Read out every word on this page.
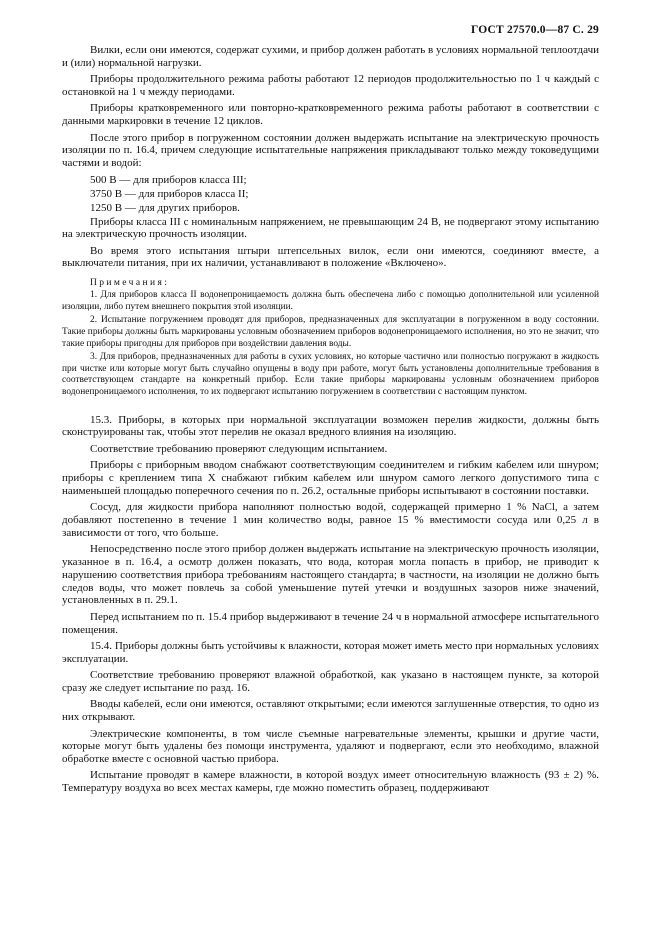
ГОСТ 27570.0—87 С. 29

Вилки, если они имеются, содержат сухими, и прибор должен работать в условиях нормальной теплоотдачи и (или) нормальной нагрузки.

Приборы продолжительного режима работы работают 12 периодов продолжительностью по 1 ч каждый с остановкой на 1 ч между периодами.

Приборы кратковременного или повторно-кратковременного режима работы работают в соответствии с данными маркировки в течение 12 циклов.

После этого прибор в погруженном состоянии должен выдержать испытание на электрическую прочность изоляции по п. 16.4, причем следующие испытательные напряжения прикладывают только между токоведущими частями и водой:

500 В — для приборов класса III;

3750 В — для приборов класса II;

1250 В — для других приборов.

Приборы класса III с номинальным напряжением, не превышающим 24 В, не подвергают этому испытанию на электрическую прочность изоляции.

Во время этого испытания штыри штепсельных вилок, если они имеются, соединяют вместе, а выключатели питания, при их наличии, устанавливают в положение «Включено».

Примечания:

1. Для приборов класса II водонепроницаемость должна быть обеспечена либо с помощью дополнительной или усиленной изоляции, либо путем внешнего покрытия этой изоляции.

2. Испытание погружением проводят для приборов, предназначенных для эксплуатации в погруженном в воду состоянии. Такие приборы должны быть маркированы условным обозначением приборов водонепроницаемого исполнения, но это не значит, что такие приборы пригодны для приборов при воздействии давления воды.

3. Для приборов, предназначенных для работы в сухих условиях, но которые частично или полностью погружают в жидкость при чистке или которые могут быть случайно опущены в воду при работе, могут быть установлены дополнительные требования в соответствующем стандарте на конкретный прибор. Если такие приборы маркированы условным обозначением приборов водонепроницаемого исполнения, то их подвергают испытанию погружением в соответствии с настоящим пунктом.

15.3. Приборы, в которых при нормальной эксплуатации возможен перелив жидкости, должны быть сконструированы так, чтобы этот перелив не оказал вредного влияния на изоляцию.

Соответствие требованию проверяют следующим испытанием.

Приборы с приборным вводом снабжают соответствующим соединителем и гибким кабелем или шнуром; приборы с креплением типа Х снабжают гибким кабелем или шнуром самого легкого допустимого типа с наименьшей площадью поперечного сечения по п. 26.2, остальные приборы испытывают в состоянии поставки.

Сосуд, для жидкости прибора наполняют полностью водой, содержащей примерно 1 % NaCl, а затем добавляют постепенно в течение 1 мин количество воды, равное 15 % вместимости сосуда или 0,25 л в зависимости от того, что больше.

Непосредственно после этого прибор должен выдержать испытание на электрическую прочность изоляции, указанное в п. 16.4, а осмотр должен показать, что вода, которая могла попасть в прибор, не приводит к нарушению соответствия прибора требованиям настоящего стандарта; в частности, на изоляции не должно быть следов воды, что может повлечь за собой уменьшение путей утечки и воздушных зазоров ниже значений, установленных в п. 29.1.

Перед испытанием по п. 15.4 прибор выдерживают в течение 24 ч в нормальной атмосфере испытательного помещения.

15.4. Приборы должны быть устойчивы к влажности, которая может иметь место при нормальных условиях эксплуатации.

Соответствие требованию проверяют влажной обработкой, как указано в настоящем пункте, за которой сразу же следует испытание по разд. 16.

Вводы кабелей, если они имеются, оставляют открытыми; если имеются заглушенные отверстия, то одно из них открывают.

Электрические компоненты, в том числе съемные нагревательные элементы, крышки и другие части, которые могут быть удалены без помощи инструмента, удаляют и подвергают, если это необходимо, влажной обработке вместе с основной частью прибора.

Испытание проводят в камере влажности, в которой воздух имеет относительную влажность (93 ± 2) %. Температуру воздуха во всех местах камеры, где можно поместить образец, поддерживают
